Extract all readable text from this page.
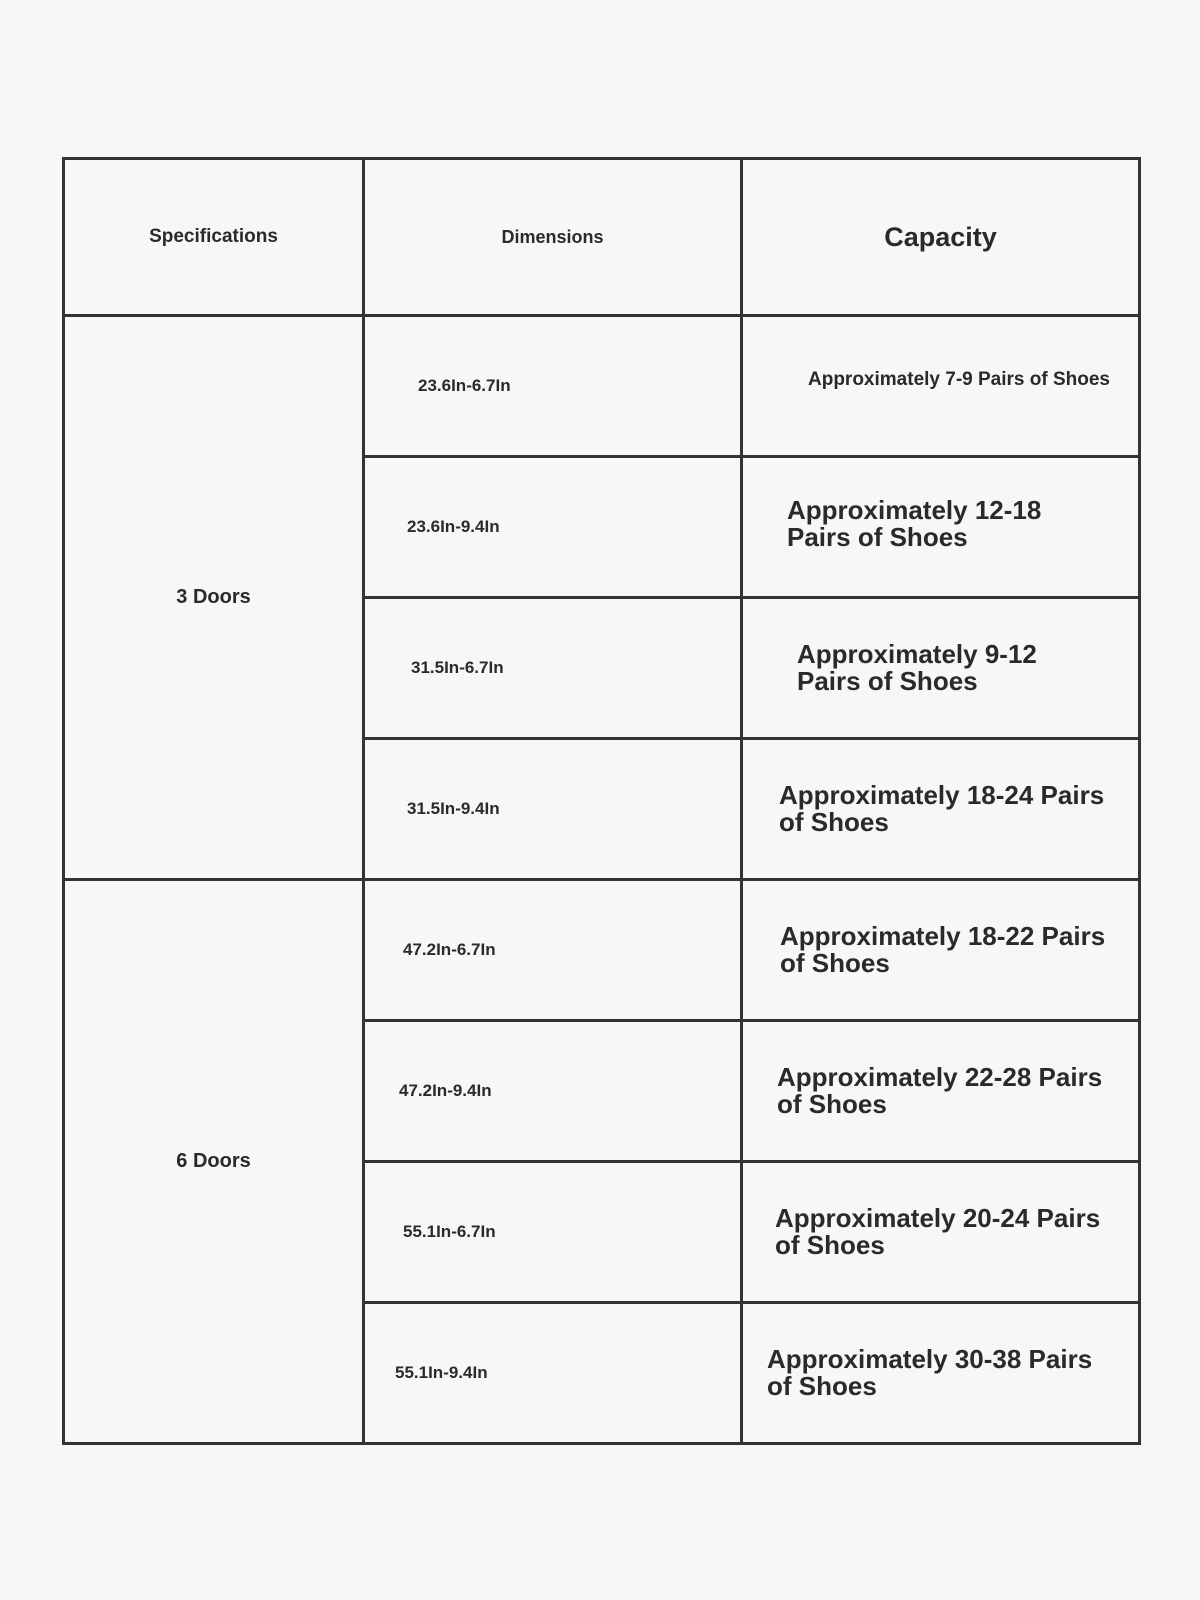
Specifications	Dimensions	Capacity
3 Doors	23.6In-6.7In	Approximately 7-9 Pairs of Shoes

	23.6In-9.4In	Approximately 12-18
Pairs of Shoes

	31.5In-6.7In	Approximately 9-12
Pairs of Shoes

	31.5In-9.4In	Approximately 18-24 Pairs
of Shoes

6 Doors	47.2In-6.7In	Approximately 18-22 Pairs
of Shoes

	47.2In-9.4In	Approximately 22-28 Pairs
of Shoes

	55.1In-6.7In	Approximately 20-24 Pairs
of Shoes

	55.1In-9.4In	Approximately 30-38 Pairs
of Shoes
